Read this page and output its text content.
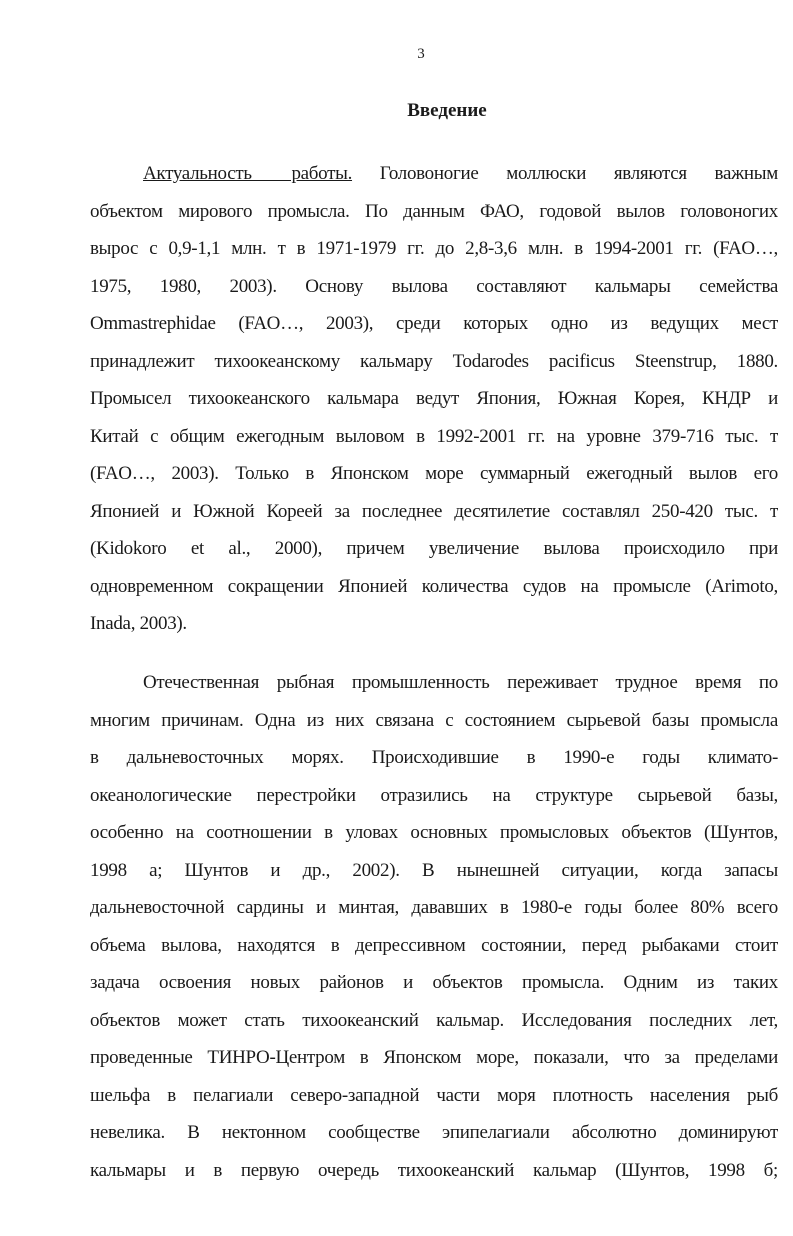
3
Введение
Актуальность работы. Головоногие моллюски являются важным
объектом мирового промысла. По данным ФАО, годовой вылов головоногих
вырос с 0,9-1,1 млн. т в 1971-1979 гг. до 2,8-3,6 млн. в 1994-2001 гг. (FAO…,
1975, 1980, 2003). Основу вылова составляют кальмары семейства
Ommastrephidae (FAO…, 2003), среди которых одно из ведущих мест
принадлежит тихоокеанскому кальмару Todarodes pacificus Steenstrup, 1880.
Промысел тихоокеанского кальмара ведут Япония, Южная Корея, КНДР и
Китай с общим ежегодным выловом в 1992-2001 гг. на уровне 379-716 тыс. т
(FAO…, 2003). Только в Японском море суммарный ежегодный вылов его
Японией и Южной Кореей за последнее десятилетие составлял 250-420 тыс. т
(Kidokoro et al., 2000), причем увеличение вылова происходило при
одновременном сокращении Японией количества судов на промысле (Arimoto,
Inada, 2003).
Отечественная рыбная промышленность переживает трудное время по
многим причинам. Одна из них связана с состоянием сырьевой базы промысла
в дальневосточных морях. Происходившие в 1990-е годы климато-
океанологические перестройки отразились на структуре сырьевой базы,
особенно на соотношении в уловах основных промысловых объектов (Шунтов,
1998 а; Шунтов и др., 2002). В нынешней ситуации, когда запасы
дальневосточной сардины и минтая, дававших в 1980-е годы более 80% всего
объема вылова, находятся в депрессивном состоянии, перед рыбаками стоит
задача освоения новых районов и объектов промысла. Одним из таких
объектов может стать тихоокеанский кальмар. Исследования последних лет,
проведенные ТИНРО-Центром в Японском море, показали, что за пределами
шельфа в пелагиали северо-западной части моря плотность населения рыб
невелика. В нектонном сообществе эпипелагиали абсолютно доминируют
кальмары и в первую очередь тихоокеанский кальмар (Шунтов, 1998 б;
